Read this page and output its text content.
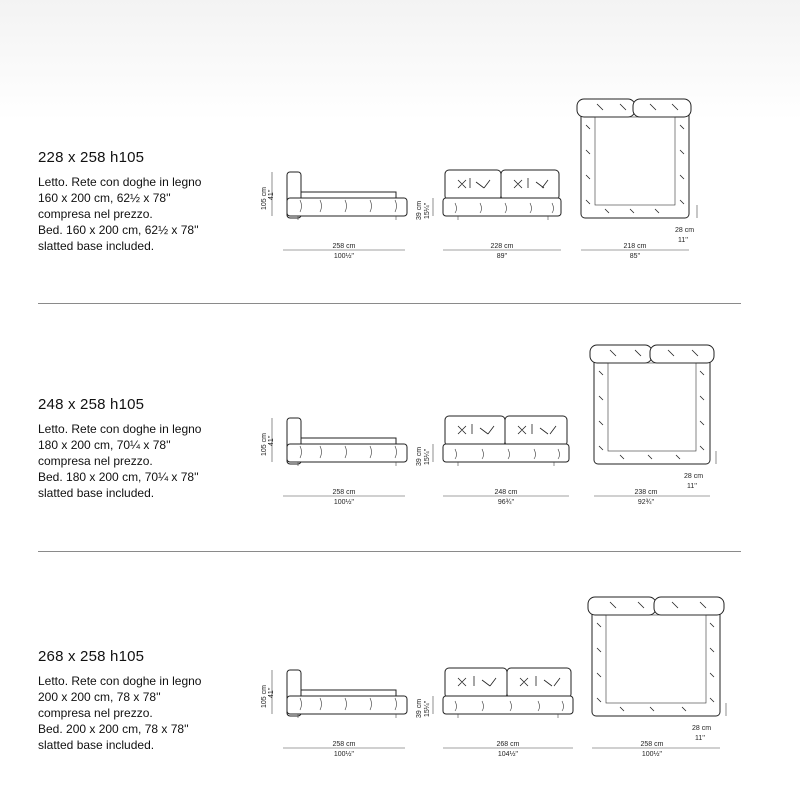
228 x 258 h105
Letto. Rete con doghe in legno
160 x 200 cm, 62½ x 78''
compresa nel prezzo.
Bed. 160 x 200 cm, 62½ x 78''
slatted base included.
105 cm 41''
258 cm
100½''
39 cm 15¼''
228 cm
89''
218 cm
85''
28 cm
11''
248 x 258 h105
Letto. Rete con doghe in legno
180 x 200 cm, 70¼ x 78''
compresa nel prezzo.
Bed. 180 x 200 cm, 70¼ x 78''
slatted base included.
105 cm 41''
258 cm
100½''
39 cm 15¼''
248 cm
96¾''
238 cm
92¾''
28 cm
11''
268 x 258 h105
Letto. Rete con doghe in legno
200 x 200 cm, 78 x 78''
compresa nel prezzo.
Bed. 200 x 200 cm, 78 x 78''
slatted base included.
105 cm 41''
258 cm
100½''
39 cm 15¼''
268 cm
104½''
258 cm
100½''
28 cm
11''
